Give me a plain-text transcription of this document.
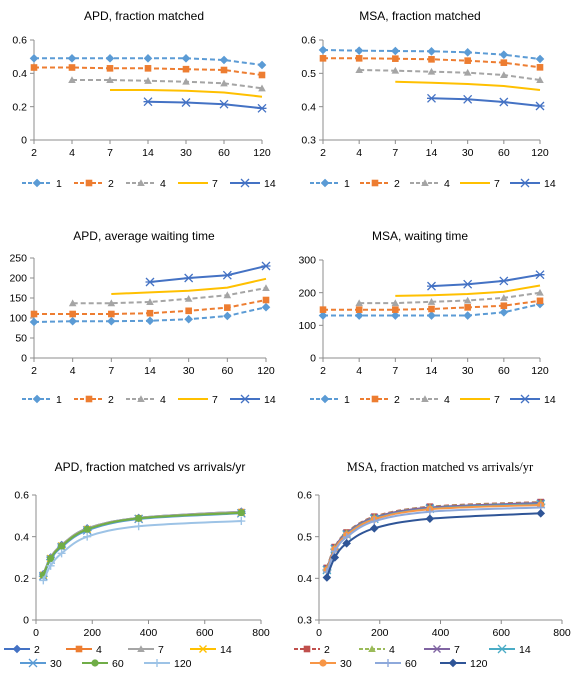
APD, fraction matched
0
0.2
0.4
0.6
2	4	7	14	30	60 120
1	2	4	7	14
MSA, fraction matched
0.3
0.4
0.5
0.6
2	4	7	14 30 60 120
1	2	4	7	14
APD, average waiting time
0
50
100
150
200
250
2	4	7	14	30	60 120
1	2	4	7	14
MSA, waiting time
0
100
200
300
2	4	7	14 30 60 120
1	2	4	7	14
APD, fraction matched vs arrivals/yr
0
0.2
0.4
0.6
0	200	400	600	800
2	4	7	14
30	60	120
MSA, fraction matched vs arrivals/yr
0.3
0.4
0.5
0.6
0	200	400	600	800
2	4	7	14
30	60	120
